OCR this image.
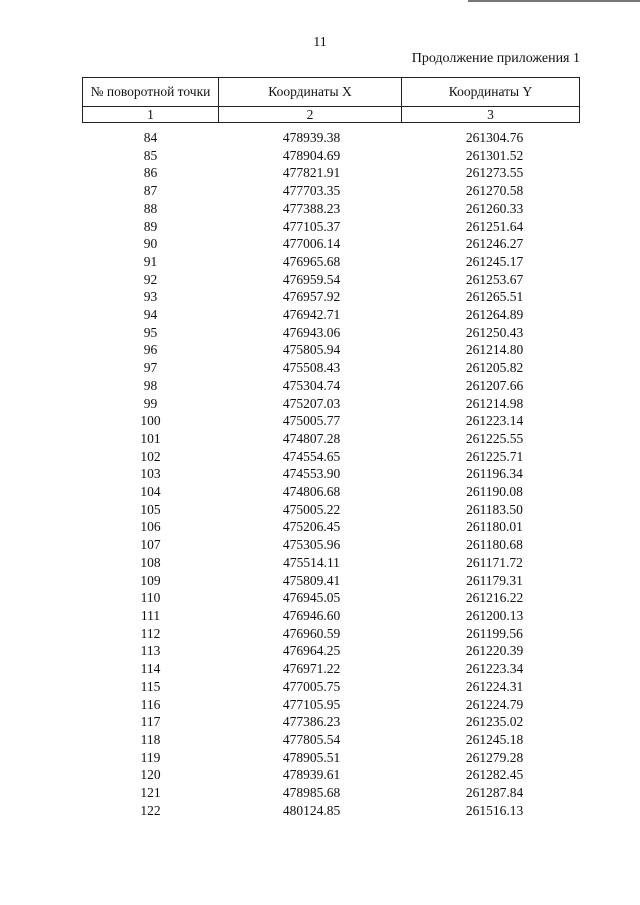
11
Продолжение приложения 1
№ поворотной точки	Координаты X	Координаты Y
1	2	3
84	478939.38	261304.76
85	478904.69	261301.52
86	477821.91	261273.55
87	477703.35	261270.58
88	477388.23	261260.33
89	477105.37	261251.64
90	477006.14	261246.27
91	476965.68	261245.17
92	476959.54	261253.67
93	476957.92	261265.51
94	476942.71	261264.89
95	476943.06	261250.43
96	475805.94	261214.80
97	475508.43	261205.82
98	475304.74	261207.66
99	475207.03	261214.98
100	475005.77	261223.14
101	474807.28	261225.55
102	474554.65	261225.71
103	474553.90	261196.34
104	474806.68	261190.08
105	475005.22	261183.50
106	475206.45	261180.01
107	475305.96	261180.68
108	475514.11	261171.72
109	475809.41	261179.31
110	476945.05	261216.22
111	476946.60	261200.13
112	476960.59	261199.56
113	476964.25	261220.39
114	476971.22	261223.34
115	477005.75	261224.31
116	477105.95	261224.79
117	477386.23	261235.02
118	477805.54	261245.18
119	478905.51	261279.28
120	478939.61	261282.45
121	478985.68	261287.84
122	480124.85	261516.13
